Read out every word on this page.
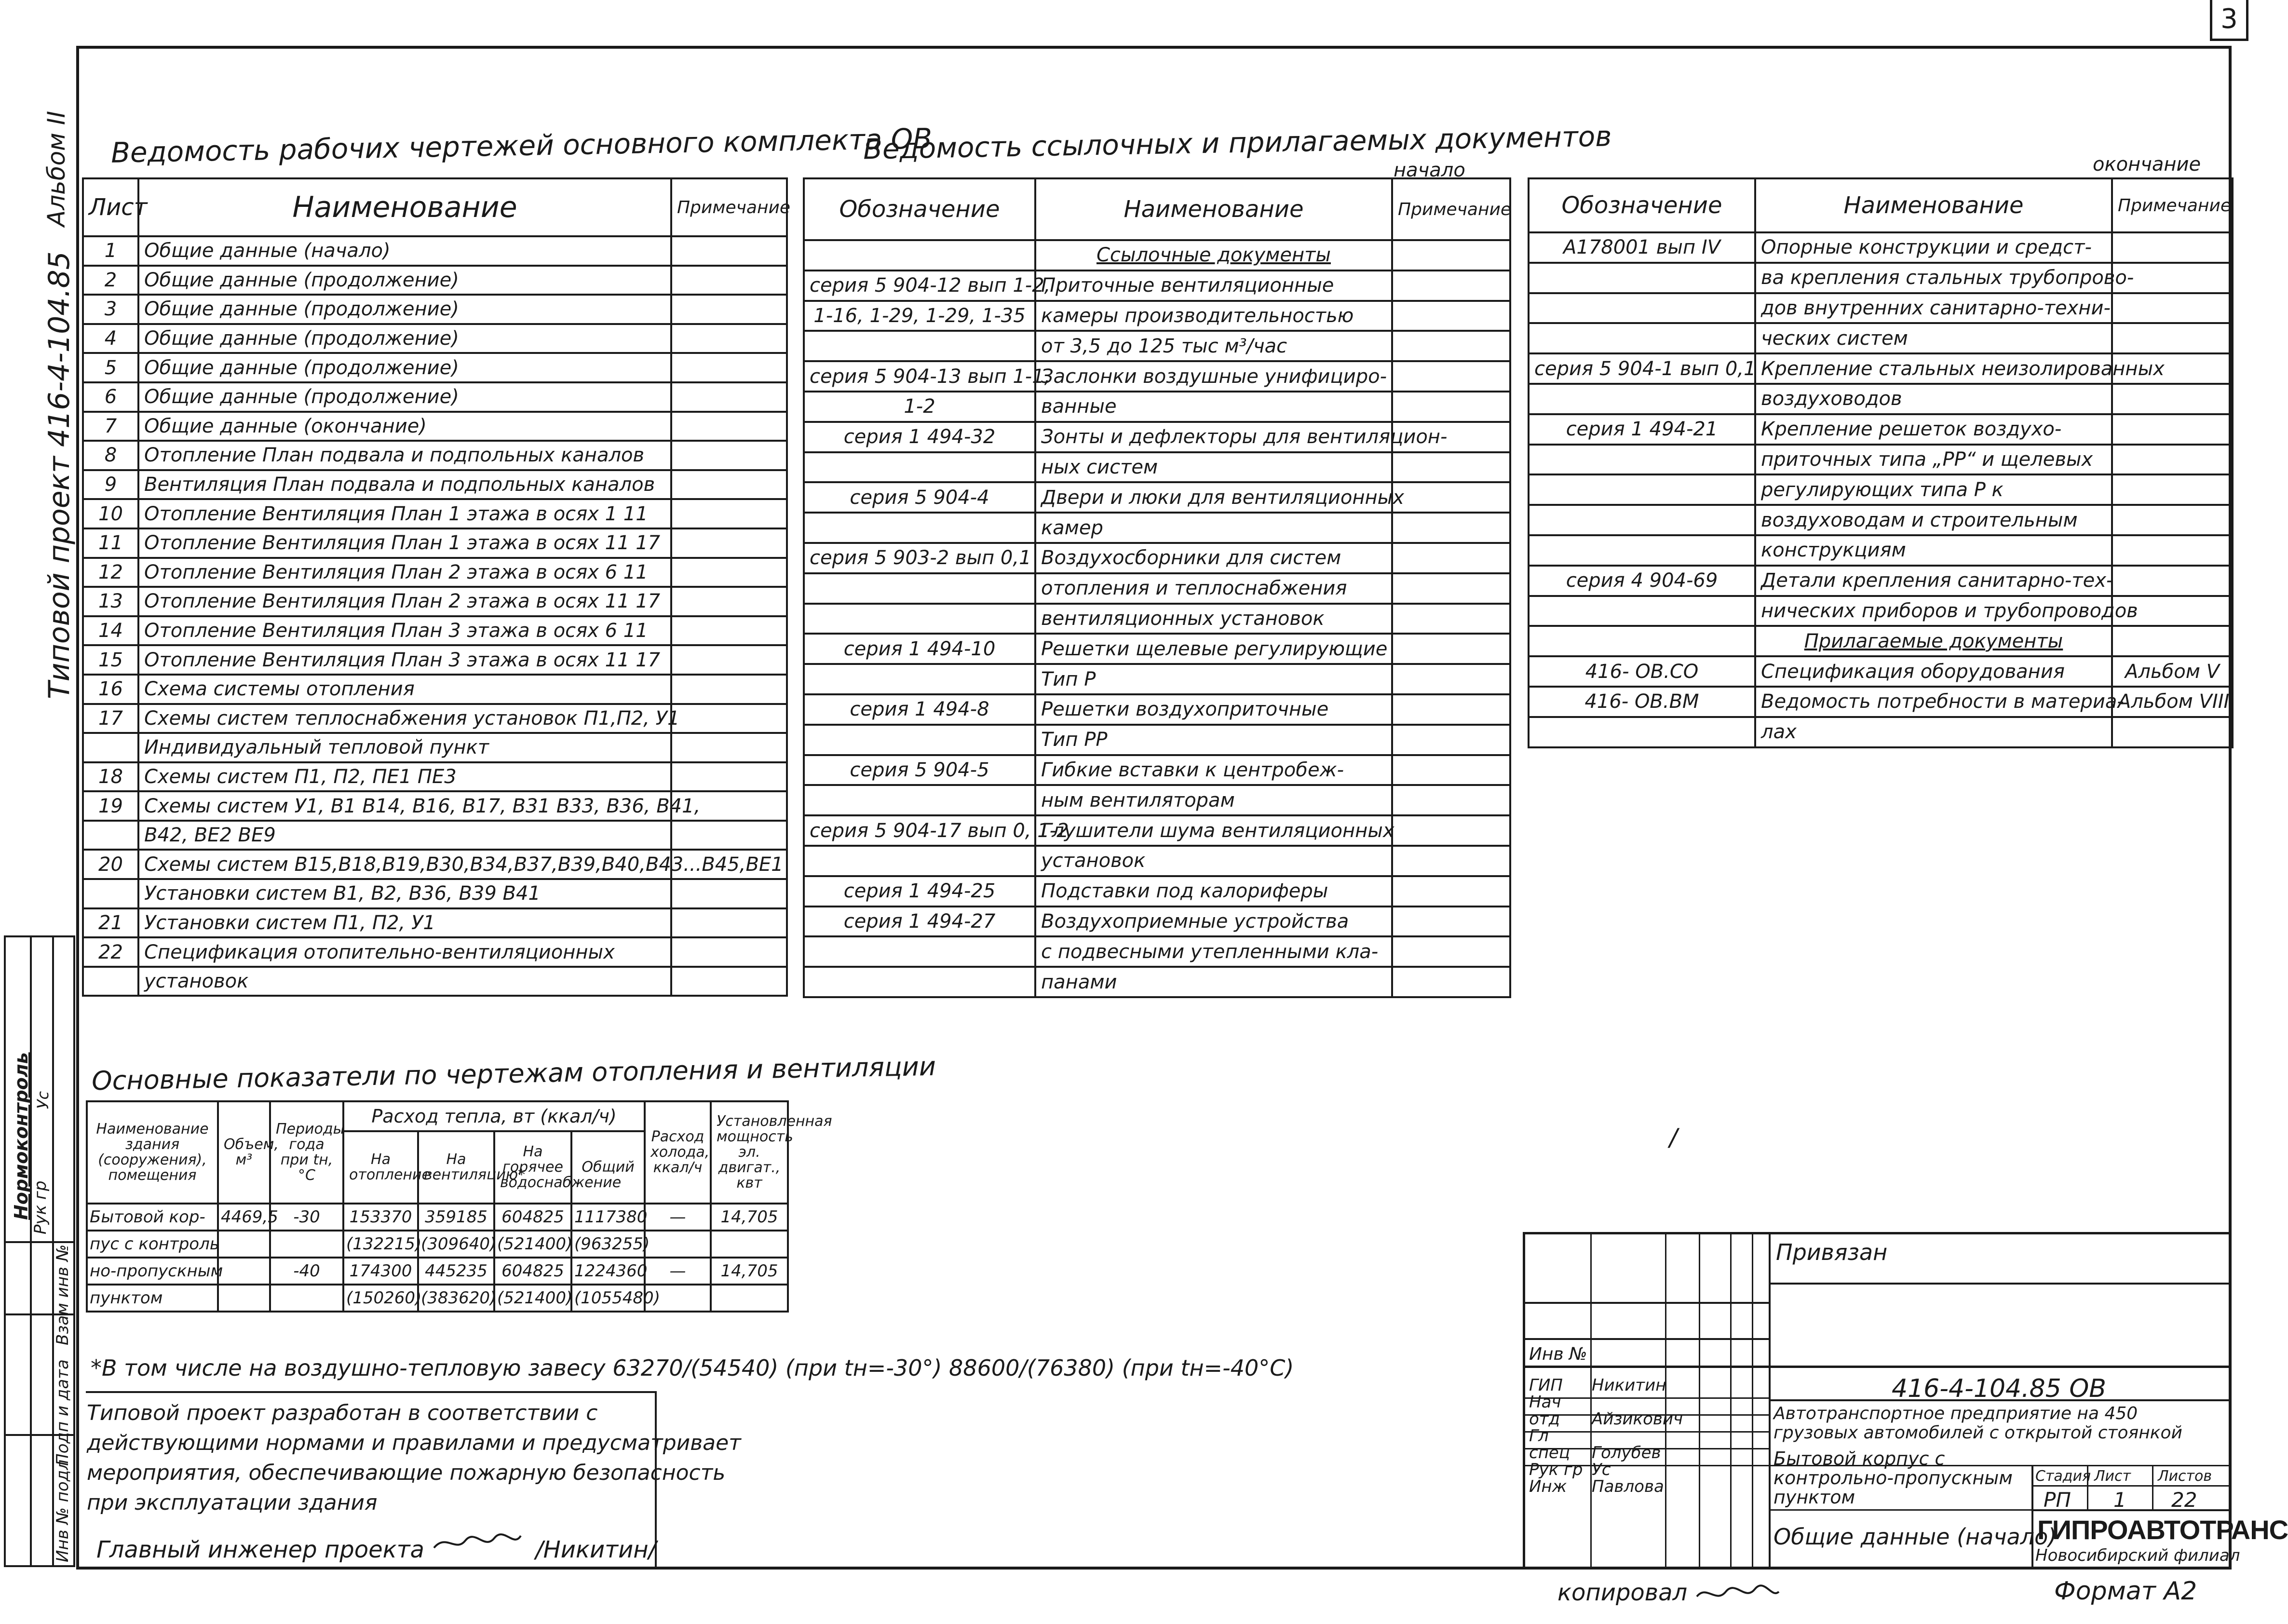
3
Альбом II
Типовой проект 416-4-104.85
Нормоконтроль Уc
Рук гр
Взам инв №
Подп и дата
Инв № подл
Ведомость рабочих чертежей основного комплекта ОВ
Лист	Наименование	Примечание
1	Общие данные (начало)	
2	Общие данные (продолжение)	
3	Общие данные (продолжение)	
4	Общие данные (продолжение)	
5	Общие данные (продолжение)	
6	Общие данные (продолжение)	
7	Общие данные (окончание)	
8	Отопление План подвала и подпольных каналов	
9	Вентиляция План подвала и подпольных каналов	
10	Отопление Вентиляция План 1 этажа в осях 1 11	
11	Отопление Вентиляция План 1 этажа в осях 11 17	
12	Отопление Вентиляция План 2 этажа в осях 6 11	
13	Отопление Вентиляция План 2 этажа в осях 11 17	
14	Отопление Вентиляция План 3 этажа в осях 6 11	
15	Отопление Вентиляция План 3 этажа в осях 11 17	
16	Схема системы отопления	
17	Схемы систем теплоснабжения установок П1,П2, У1	
	Индивидуальный тепловой пункт	
18	Схемы систем П1, П2, ПЕ1 ПЕ3	
19	Схемы систем У1, В1 В14, В16, В17, В31 В33, В36, В41,	
	В42, ВЕ2 ВЕ9	
20	Схемы систем В15,В18,В19,В30,В34,В37,В39,В40,В43...В45,ВЕ1	
	Установки систем В1, В2, В36, В39 В41	
21	Установки систем П1, П2, У1	
22	Спецификация отопительно-вентиляционных	
	установок	
Ведомость ссылочных и прилагаемых документов
начало
Обозначение	Наименование	Примечание
	Ссылочные документы	
серия 5 904-12 вып 1-2,	Приточные вентиляционные	
1-16, 1-29, 1-29, 1-35	камеры производительностью	
	от 3,5 до 125 тыс м³/час	
серия 5 904-13 вып 1-1,	Заслонки воздушные унифициро-	
1-2	ванные	
серия 1 494-32	Зонты и дефлекторы для вентиляцион-	
	ных систем	
серия 5 904-4	Двери и люки для вентиляционных	
	камер	
серия 5 903-2 вып 0,1	Воздухосборники для систем	
	отопления и теплоснабжения	
	вентиляционных установок	
серия 1 494-10	Решетки щелевые регулирующие	
	Тип Р	
серия 1 494-8	Решетки воздухоприточные	
	Тип РР	
серия 5 904-5	Гибкие вставки к центробеж-	
	ным вентиляторам	
серия 5 904-17 вып 0, 1-2	Глушители шума вентиляционных	
	установок	
серия 1 494-25	Подставки под калориферы	
серия 1 494-27	Воздухоприемные устройства	
	с подвесными утепленными кла-	
	панами	
окончание
Обозначение	Наименование	Примечание
А178001 вып IV	Опорные конструкции и средст-	
	ва крепления стальных трубопрово-	
	дов внутренних санитарно-техни-	
	ческих систем	
серия 5 904-1 вып 0,1	Крепление стальных неизолированных	
	воздуховодов	
серия 1 494-21	Крепление решеток воздухо-	
	приточных типа „РР“ и щелевых	
	регулирующих типа Р к	
	воздуховодам и строительным	
	конструкциям	
серия 4 904-69	Детали крепления санитарно-тех-	
	нических приборов и трубопроводов	
	Прилагаемые документы	
416- ОВ.СО	Спецификация оборудования	Альбом V
416- ОВ.ВМ	Ведомость потребности в материа-	Альбом VIII
	лах	
Основные показатели по чертежам отопления и вентиляции
Наименование здания (сооружения), помещения	Объем, м³	Периоды года при tн,°С	Расход тепла, вт (ккал/ч)				Расход холода, ккал/ч	Установленная мощность эл. двигат., квт
			На отопление	На вентиляцию*	На горячее водоснабжение	Общий		
Бытовой кор-	4469,5	-30	153370	359185	604825	1117380	—	14,705
пус с контроль			(132215)	(309640)	(521400)	(963255)		
но-пропускным		-40	174300	445235	604825	1224360	—	14,705
пунктом			(150260)	(383620)	(521400)	(1055480)		
*В том числе на воздушно-тепловую завесу 63270/(54540) (при tн=-30°) 88600/(76380) (при tн=-40°С)
Типовой проект разработан в соответствии с
действующими нормами и правилами и предусматривает
мероприятия, обеспечивающие пожарную безопасность
при эксплуатации здания
Главный инженер проекта	/Никитин/
/
Привязан
Инв №
ГИП Никитин
Нач отд Айзикович
Гл спец Голубев
Рук гр Уc
Инж Павлова
416-4-104.85 ОВ
Автотранспортное предприятие на 450 грузовых автомобилей с открытой стоянкой
Бытовой корпус с контрольно-пропускным пунктом
Общие данные (начало)
Стадия Лист Листов
РП 1 22
ГИПРОАВТОТРАНС
Новосибирский филиал
копировал	Формат А2
